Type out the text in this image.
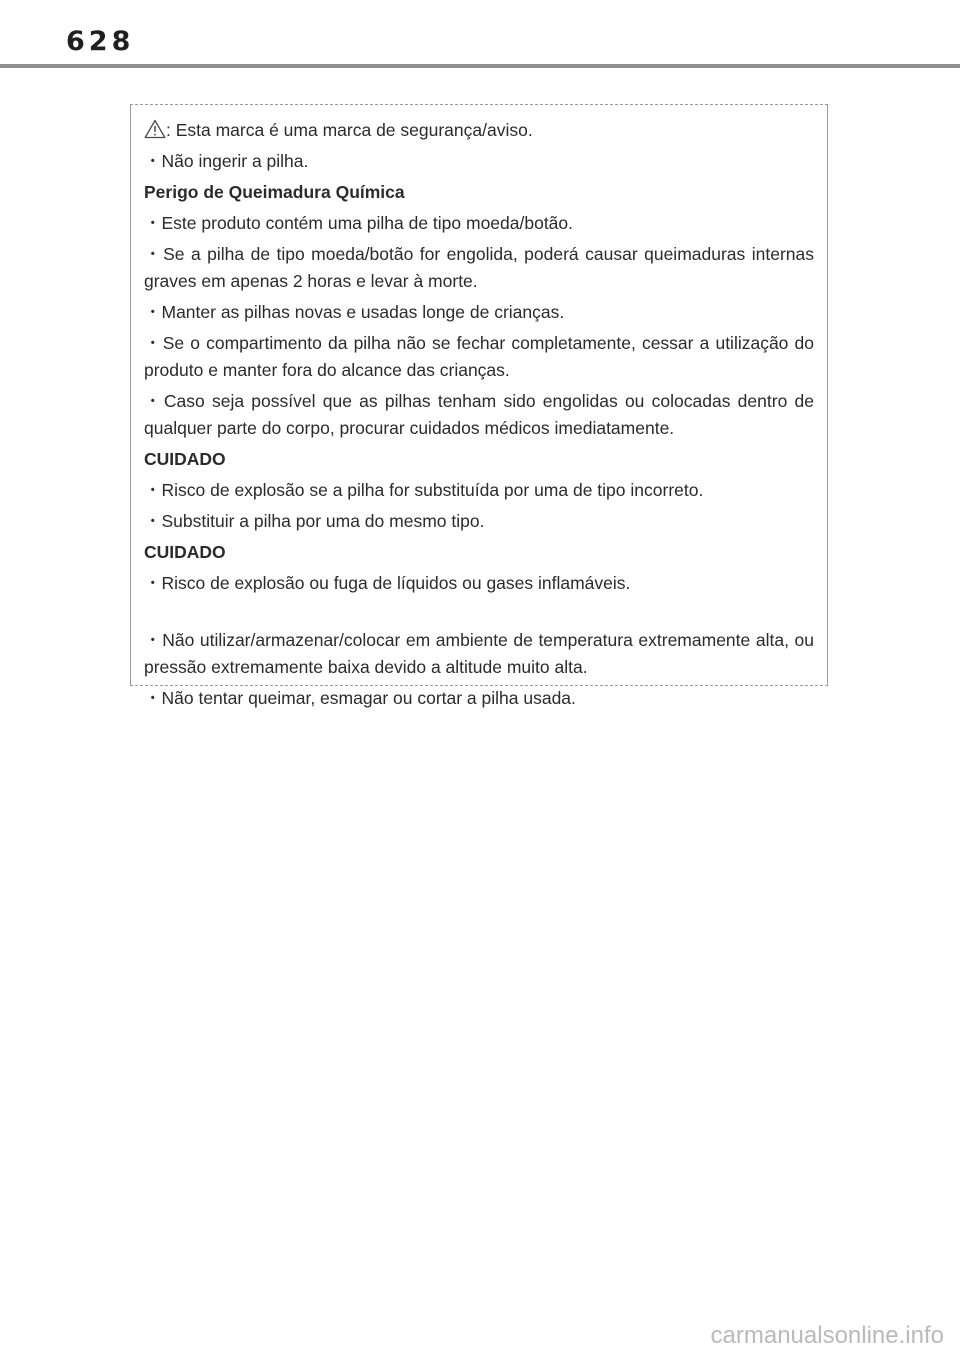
628

: Esta marca é uma marca de segurança/aviso.

・Não ingerir a pilha.

Perigo de Queimadura Química

・Este produto contém uma pilha de tipo moeda/botão.

・Se a pilha de tipo moeda/botão for engolida, poderá causar queimaduras internas graves em apenas 2 horas e levar à morte.

・Manter as pilhas novas e usadas longe de crianças.

・Se o compartimento da pilha não se fechar completamente, cessar a utilização do produto e manter fora do alcance das crianças.

・Caso seja possível que as pilhas tenham sido engolidas ou colocadas dentro de qualquer parte do corpo, procurar cuidados médicos imediatamente.

CUIDADO

・Risco de explosão se a pilha for substituída por uma de tipo incorreto.

・Substituir a pilha por uma do mesmo tipo.

CUIDADO

・Risco de explosão ou fuga de líquidos ou gases inflamáveis.

・Não utilizar/armazenar/colocar em ambiente de temperatura extremamente alta, ou pressão extremamente baixa devido a altitude muito alta.

・Não tentar queimar, esmagar ou cortar a pilha usada.

carmanualsonline.info
